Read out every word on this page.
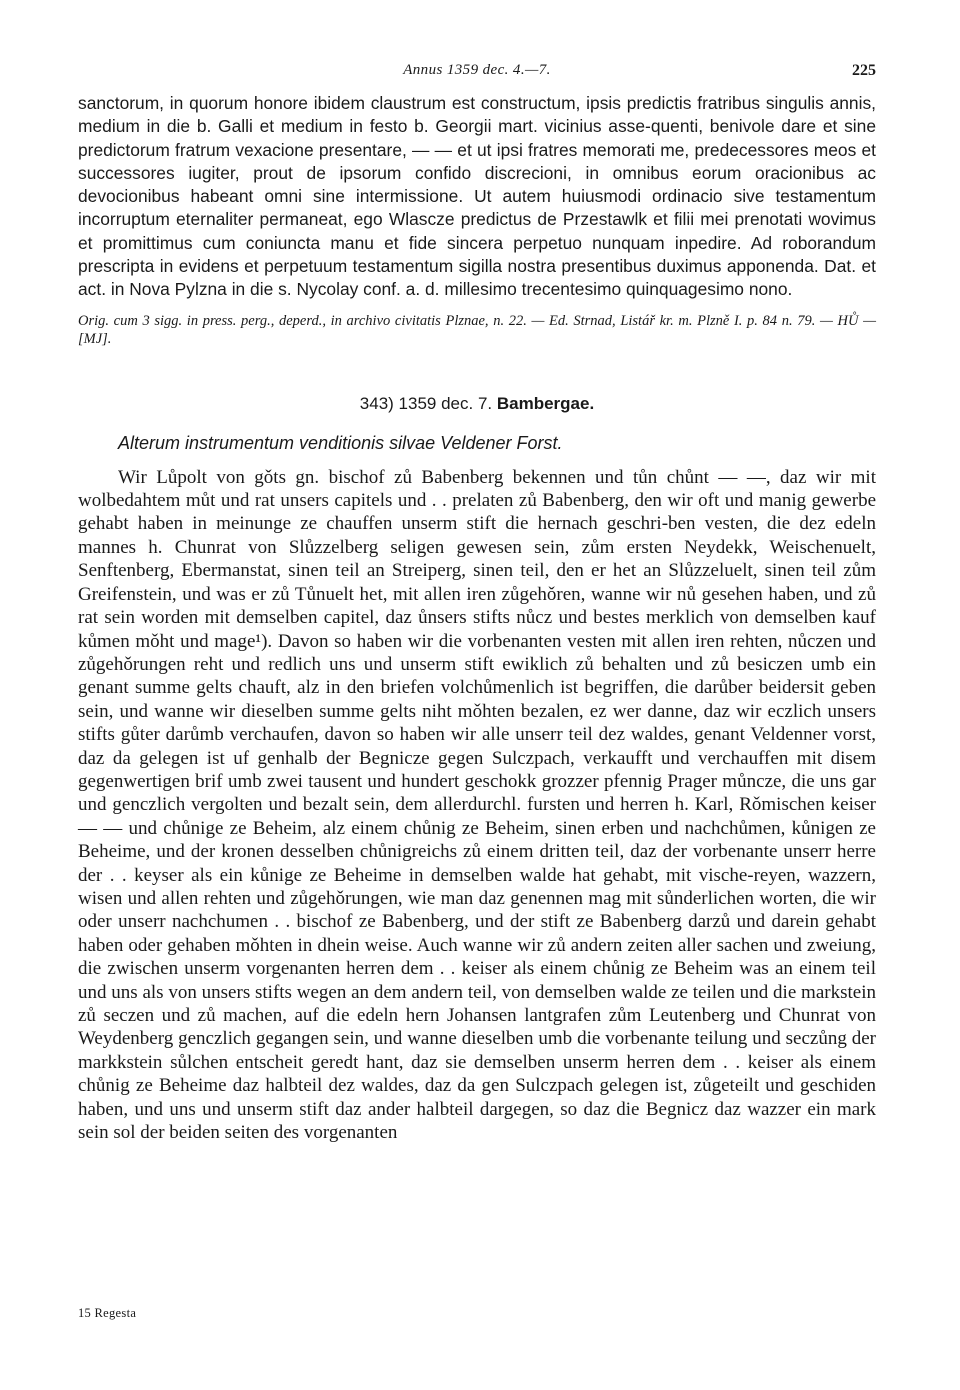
Annus 1359 dec. 4.—7.	225

sanctorum, in quorum honore ibidem claustrum est constructum, ipsis predictis fratribus singulis annis, medium in die b. Galli et medium in festo b. Georgii mart. vicinius asse-quenti, benivole dare et sine predictorum fratrum vexacione presentare, — — et ut ipsi fratres memorati me, predecessores meos et successores iugiter, prout de ipsorum confido discrecioni, in omnibus eorum oracionibus ac devocionibus habeant omni sine intermissione. Ut autem huiusmodi ordinacio sive testamentum incorruptum eternaliter permaneat, ego Wlascze predictus de Przestawlk et filii mei prenotati wovimus et promittimus cum coniuncta manu et fide sincera perpetuo nunquam inpedire. Ad roborandum prescripta in evidens et perpetuum testamentum sigilla nostra presentibus duximus apponenda. Dat. et act. in Nova Pylzna in die s. Nycolay conf. a. d. millesimo trecentesimo quinquagesimo nono.

Orig. cum 3 sigg. in press. perg., deperd., in archivo civitatis Plznae, n. 22. — Ed. Strnad, Listář kr. m. Plzně I. p. 84 n. 79. — HŮ — [MJ].

343) 1359 dec. 7. Bambergae.
Alterum instrumentum venditionis silvae Veldener Forst.

Wir Lůpolt von gǒts gn. bischof zů Babenberg bekennen und tůn chůnt — —, daz wir mit wolbedahtem můt und rat unsers capitels und . . prelaten zů Babenberg, den wir oft und manig gewerbe gehabt haben in meinunge ze chauffen unserm stift die hernach geschri-ben vesten, die dez edeln mannes h. Chunrat von Slůzzelberg seligen gewesen sein, zům ersten Neydekk, Weischenuelt, Senftenberg, Ebermanstat, sinen teil an Streiperg, sinen teil, den er het an Slůzzeluelt, sinen teil zům Greifenstein, und was er zů Tůnuelt het, mit allen iren zůgehǒren, wanne wir nů gesehen haben, und zů rat sein worden mit demselben capitel, daz ůnsers stifts nůcz und bestes merklich von demselben kauf kůmen mǒht und mage¹). Davon so haben wir die vorbenanten vesten mit allen iren rehten, nůczen und zůgehǒrungen reht und redlich uns und unserm stift ewiklich zů behalten und zů besiczen umb ein genant summe gelts chauft, alz in den briefen volchůmenlich ist begriffen, die darůber beidersit geben sein, und wanne wir dieselben summe gelts niht mǒhten bezalen, ez wer danne, daz wir eczlich unsers stifts gůter darůmb verchaufen, davon so haben wir alle unserr teil dez waldes, genant Veldenner vorst, daz da gelegen ist uf genhalb der Begnicze gegen Sulczpach, verkaufft und verchauffen mit disem gegenwertigen brif umb zwei tausent und hundert geschokk grozzer pfennig Prager můncze, die uns gar und genczlich vergolten und bezalt sein, dem allerdurchl. fursten und herren h. Karl, Rǒmischen keiser — — und chůnige ze Beheim, alz einem chůnig ze Beheim, sinen erben und nachchůmen, kůnigen ze Beheime, und der kronen desselben chůnigreichs zů einem dritten teil, daz der vorbenante unserr herre der . . keyser als ein kůnige ze Beheime in demselben walde hat gehabt, mit vische-reyen, wazzern, wisen und allen rehten und zůgehǒrungen, wie man daz genennen mag mit sůnderlichen worten, die wir oder unserr nachchumen . . bischof ze Babenberg, und der stift ze Babenberg darzů und darein gehabt haben oder gehaben mǒhten in dhein weise. Auch wanne wir zů andern zeiten aller sachen und zweiung, die zwischen unserm vorgenanten herren dem . . keiser als einem chůnig ze Beheim was an einem teil und uns als von unsers stifts wegen an dem andern teil, von demselben walde ze teilen und die markstein zů seczen und zů machen, auf die edeln hern Johansen lantgrafen zům Leutenberg und Chunrat von Weydenberg genczlich gegangen sein, und wanne dieselben umb die vorbenante teilung und seczůng der markkstein sůlchen entscheit geredt hant, daz sie demselben unserm herren dem . . keiser als einem chůnig ze Beheime daz halbteil dez waldes, daz da gen Sulczpach gelegen ist, zůgeteilt und geschiden haben, und uns und unserm stift daz ander halbteil dargegen, so daz die Begnicz daz wazzer ein mark sein sol der beiden seiten des vorgenanten

15 Regesta
